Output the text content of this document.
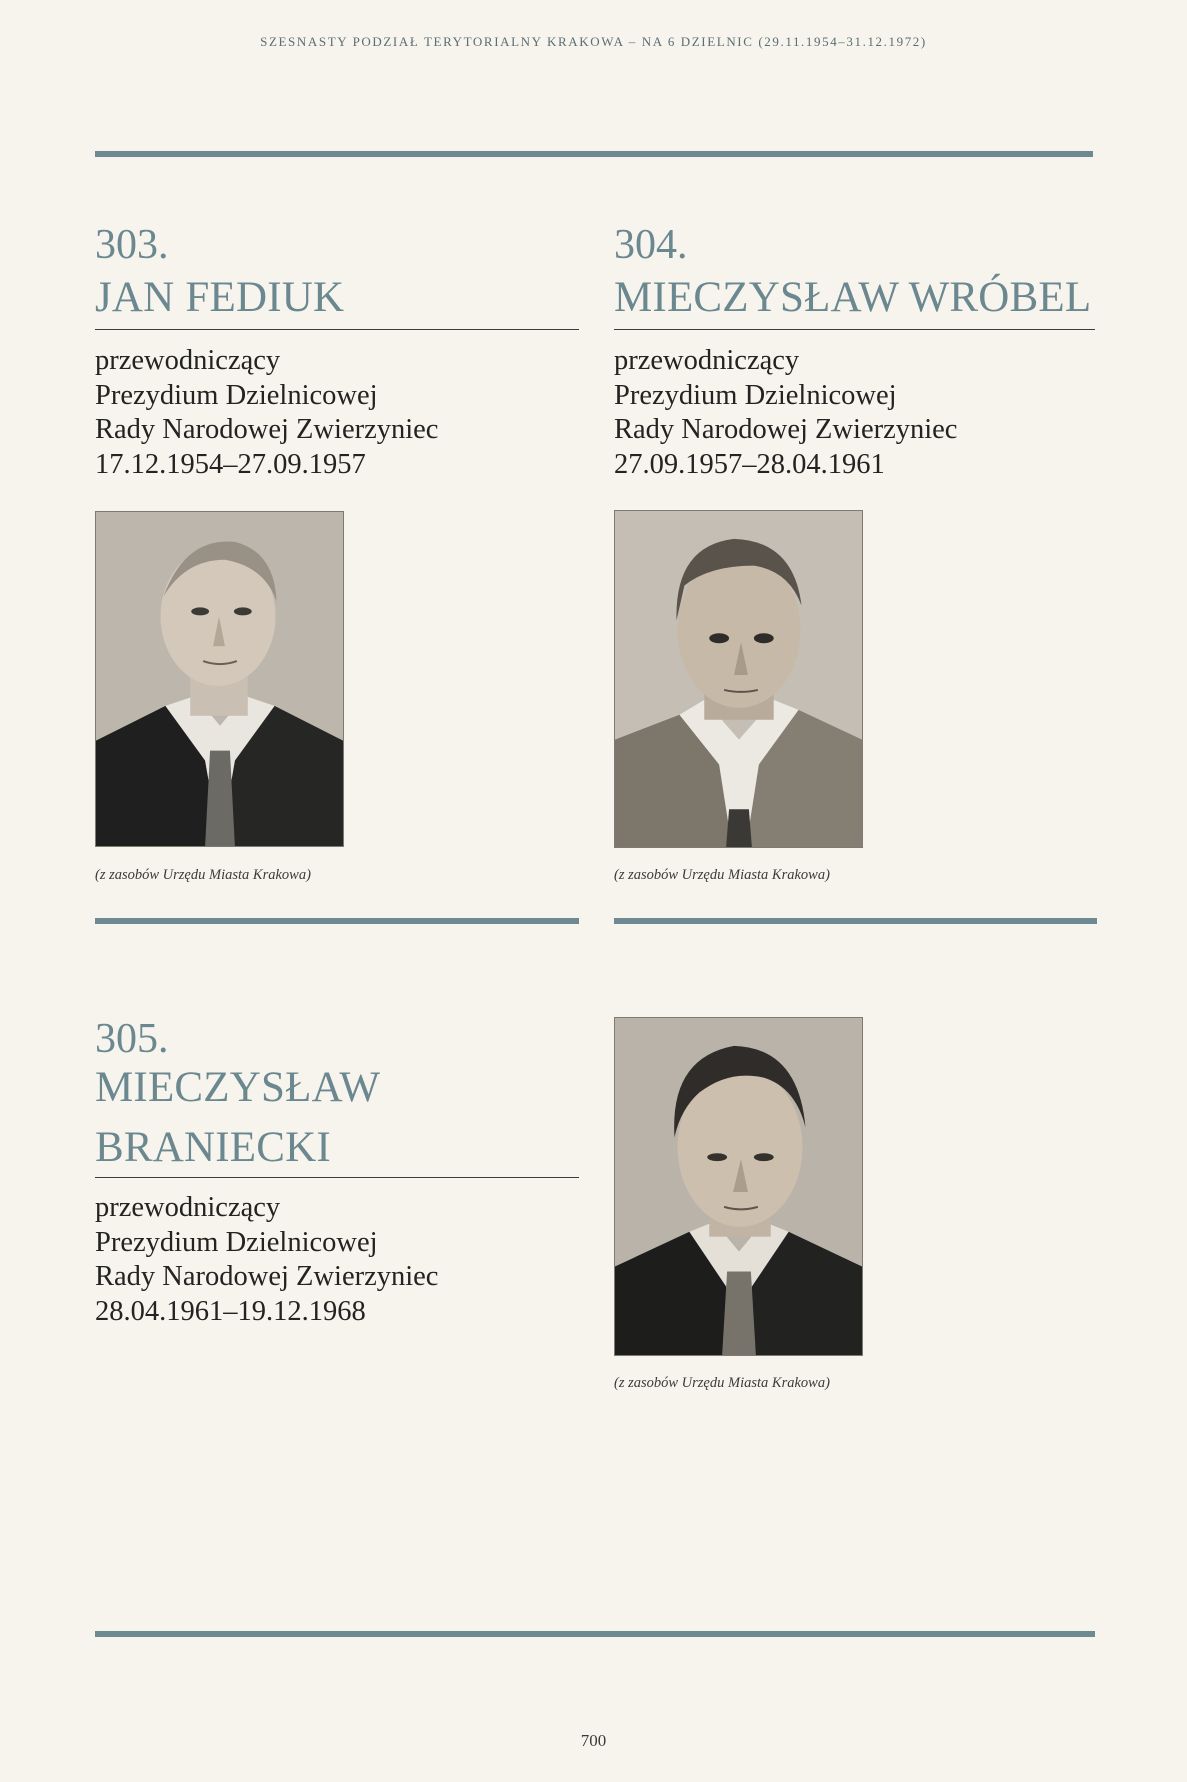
SZESNASTY PODZIAŁ TERYTORIALNY KRAKOWA – NA 6 DZIELNIC (29.11.1954–31.12.1972)
303.
JAN FEDIUK
przewodniczący
Prezydium Dzielnicowej
Rady Narodowej Zwierzyniec
17.12.1954–27.09.1957
(z zasobów Urzędu Miasta Krakowa)
304.
MIECZYSŁAW WRÓBEL
przewodniczący
Prezydium Dzielnicowej
Rady Narodowej Zwierzyniec
27.09.1957–28.04.1961
(z zasobów Urzędu Miasta Krakowa)
305.
MIECZYSŁAW
BRANIECKI
przewodniczący
Prezydium Dzielnicowej
Rady Narodowej Zwierzyniec
28.04.1961–19.12.1968
(z zasobów Urzędu Miasta Krakowa)
700
